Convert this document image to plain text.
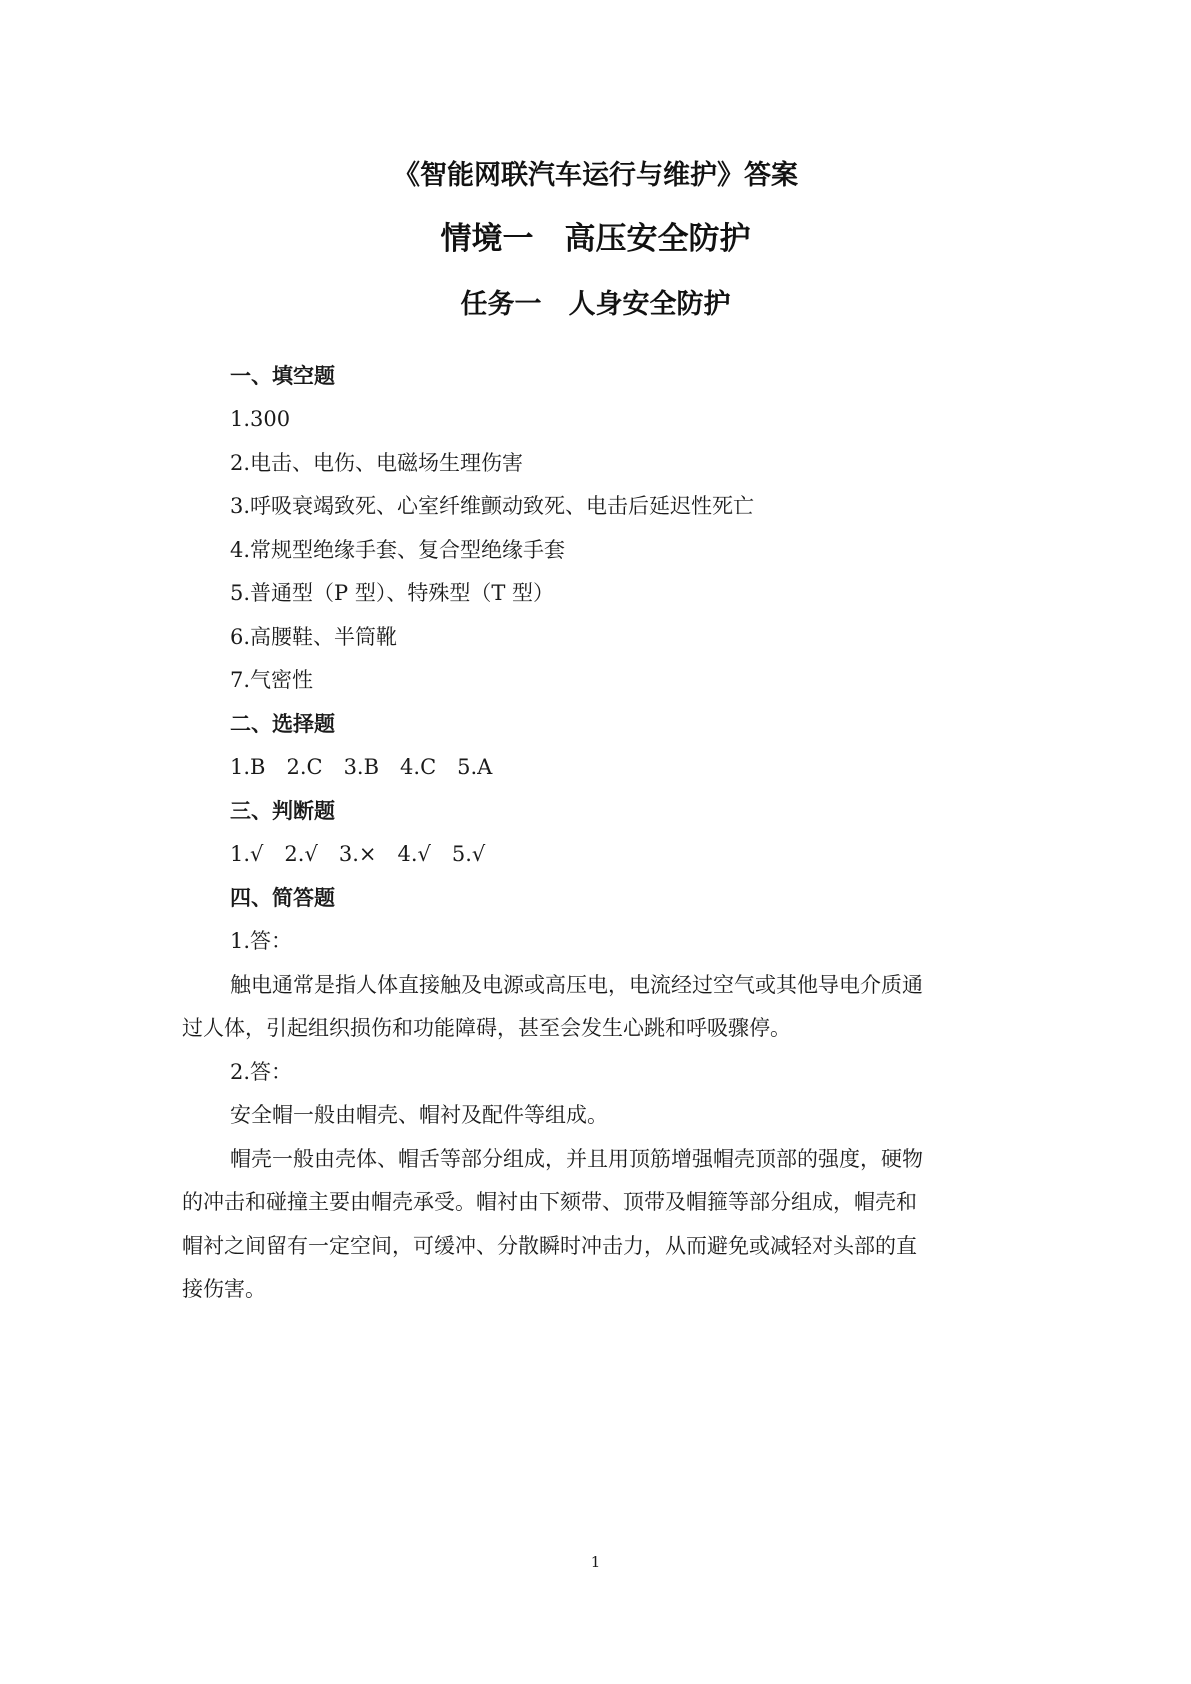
《智能网联汽车运行与维护》答案
情境一　高压安全防护
任务一　人身安全防护
一、填空题
1.300
2.电击、电伤、电磁场生理伤害
3.呼吸衰竭致死、心室纤维颤动致死、电击后延迟性死亡
4.常规型绝缘手套、复合型绝缘手套
5.普通型（P 型）、特殊型（T 型）
6.高腰鞋、半筒靴
7.气密性
二、选择题
1.B　2.C　3.B　4.C　5.A
三、判断题
1.√　2.√　3.×　4.√　5.√
四、简答题
1.答：
触电通常是指人体直接触及电源或高压电，电流经过空气或其他导电介质通
过人体，引起组织损伤和功能障碍，甚至会发生心跳和呼吸骤停。
2.答：
安全帽一般由帽壳、帽衬及配件等组成。
帽壳一般由壳体、帽舌等部分组成，并且用顶筋增强帽壳顶部的强度，硬物
的冲击和碰撞主要由帽壳承受。帽衬由下颏带、顶带及帽箍等部分组成，帽壳和
帽衬之间留有一定空间，可缓冲、分散瞬时冲击力，从而避免或减轻对头部的直
接伤害。
1
